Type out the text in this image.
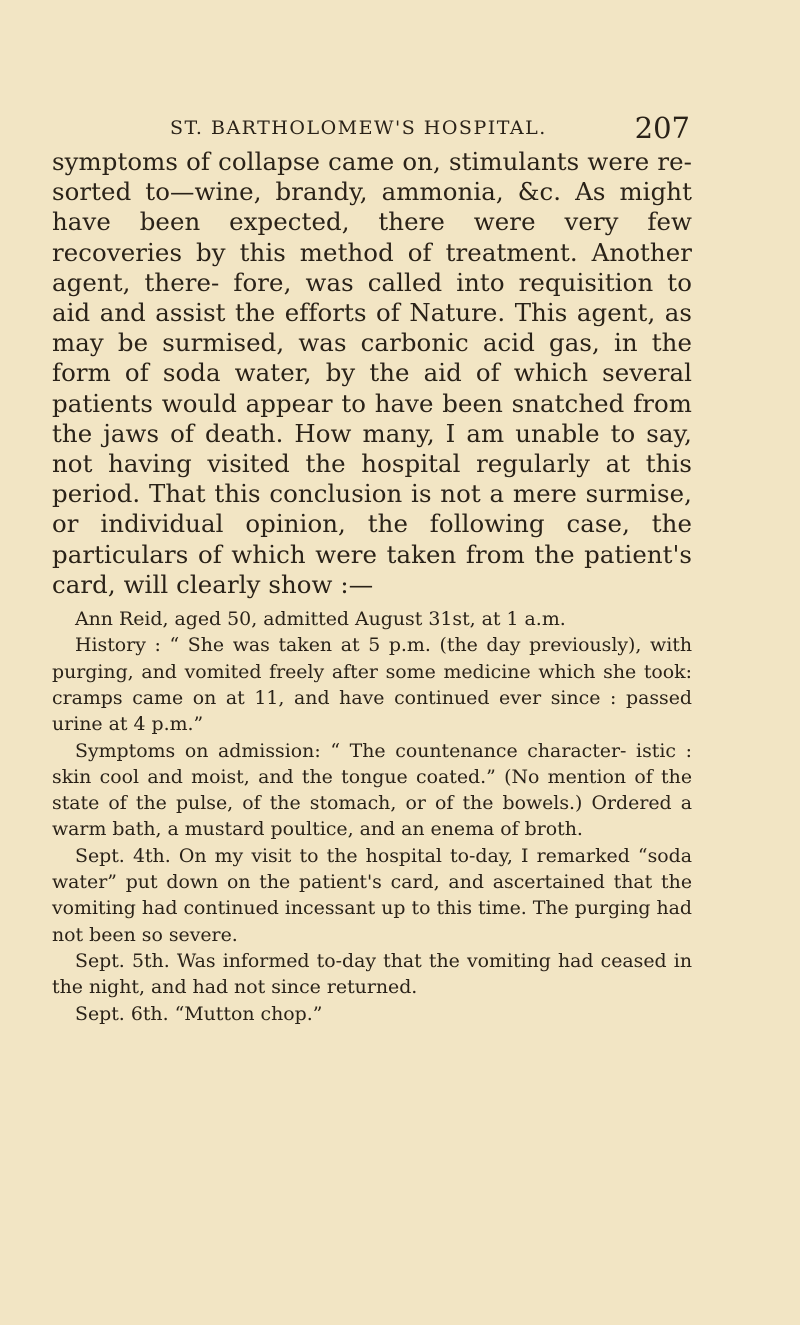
ST. BARTHOLOMEW'S HOSPITAL.	207

symptoms of collapse came on, stimulants were re- sorted to—wine, brandy, ammonia, &c. As might have been expected, there were very few recoveries by this method of treatment. Another agent, there- fore, was called into requisition to aid and assist the efforts of Nature. This agent, as may be surmised, was carbonic acid gas, in the form of soda water, by the aid of which several patients would appear to have been snatched from the jaws of death. How many, I am unable to say, not having visited the hospital regularly at this period. That this conclusion is not a mere surmise, or individual opinion, the following case, the particulars of which were taken from the patient's card, will clearly show :—

Ann Reid, aged 50, admitted August 31st, at 1 a.m.

History : “ She was taken at 5 p.m. (the day previously), with purging, and vomited freely after some medicine which she took: cramps came on at 11, and have continued ever since : passed urine at 4 p.m.”

Symptoms on admission: “ The countenance character- istic : skin cool and moist, and the tongue coated.” (No mention of the state of the pulse, of the stomach, or of the bowels.) Ordered a warm bath, a mustard poultice, and an enema of broth.

Sept. 4th. On my visit to the hospital to-day, I remarked “soda water” put down on the patient's card, and ascertained that the vomiting had continued incessant up to this time. The purging had not been so severe.

Sept. 5th. Was informed to-day that the vomiting had ceased in the night, and had not since returned.

Sept. 6th. “Mutton chop.”
